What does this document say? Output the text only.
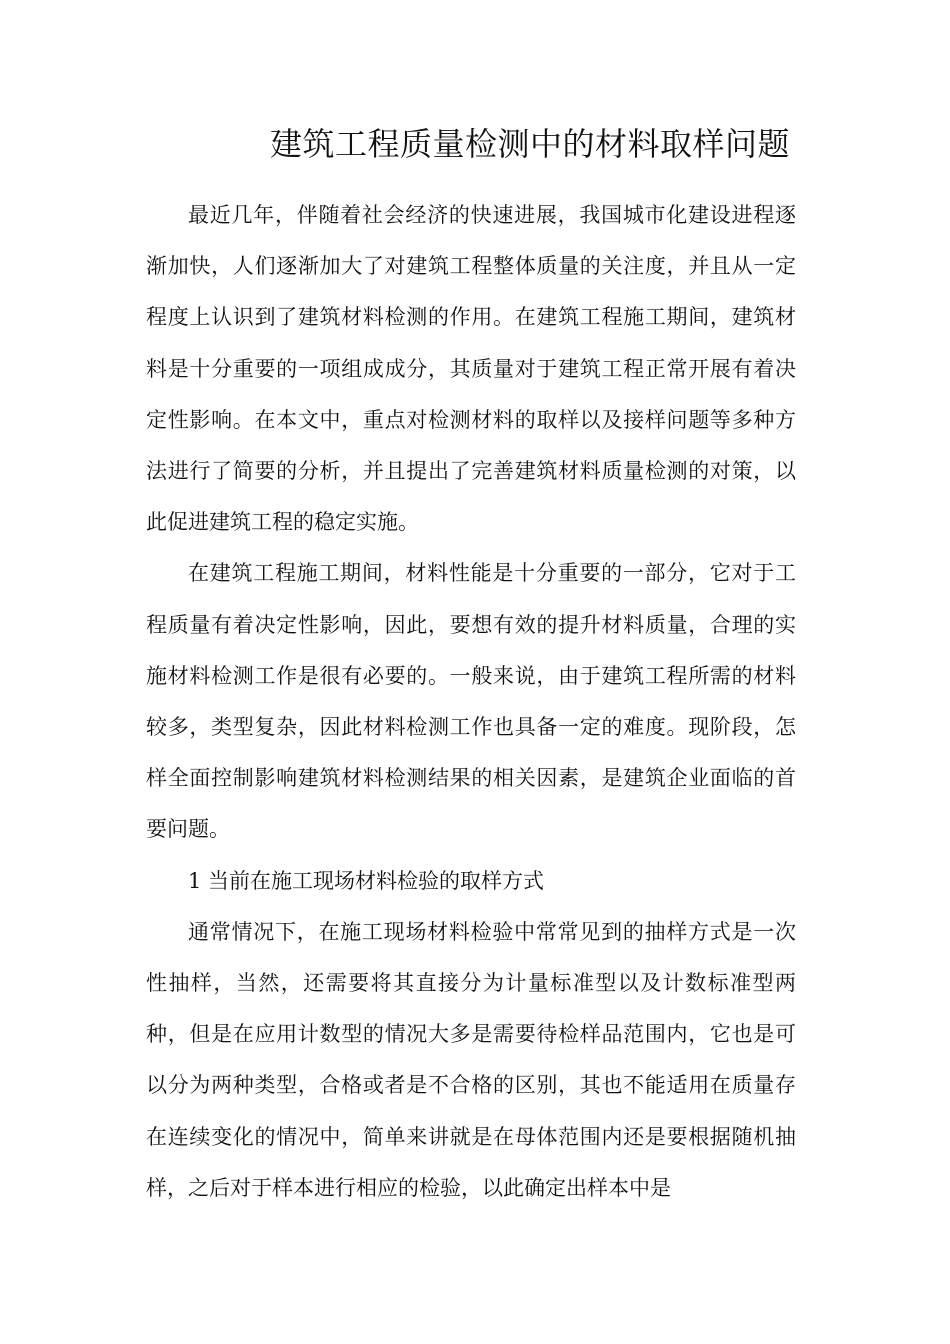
建筑工程质量检测中的材料取样问题

最近几年，伴随着社会经济的快速进展，我国城市化建设进程逐渐加快，人们逐渐加大了对建筑工程整体质量的关注度，并且从一定程度上认识到了建筑材料检测的作用。在建筑工程施工期间，建筑材料是十分重要的一项组成成分，其质量对于建筑工程正常开展有着决定性影响。在本文中，重点对检测材料的取样以及接样问题等多种方法进行了简要的分析，并且提出了完善建筑材料质量检测的对策，以此促进建筑工程的稳定实施。

在建筑工程施工期间，材料性能是十分重要的一部分，它对于工程质量有着决定性影响，因此，要想有效的提升材料质量，合理的实施材料检测工作是很有必要的。一般来说，由于建筑工程所需的材料较多，类型复杂，因此材料检测工作也具备一定的难度。现阶段，怎样全面控制影响建筑材料检测结果的相关因素，是建筑企业面临的首要问题。

1 当前在施工现场材料检验的取样方式

通常情况下，在施工现场材料检验中常常见到的抽样方式是一次性抽样，当然，还需要将其直接分为计量标准型以及计数标准型两种，但是在应用计数型的情况大多是需要待检样品范围内，它也是可以分为两种类型，合格或者是不合格的区别，其也不能适用在质量存在连续变化的情况中，简单来讲就是在母体范围内还是要根据随机抽样，之后对于样本进行相应的检验，以此确定出样本中是
